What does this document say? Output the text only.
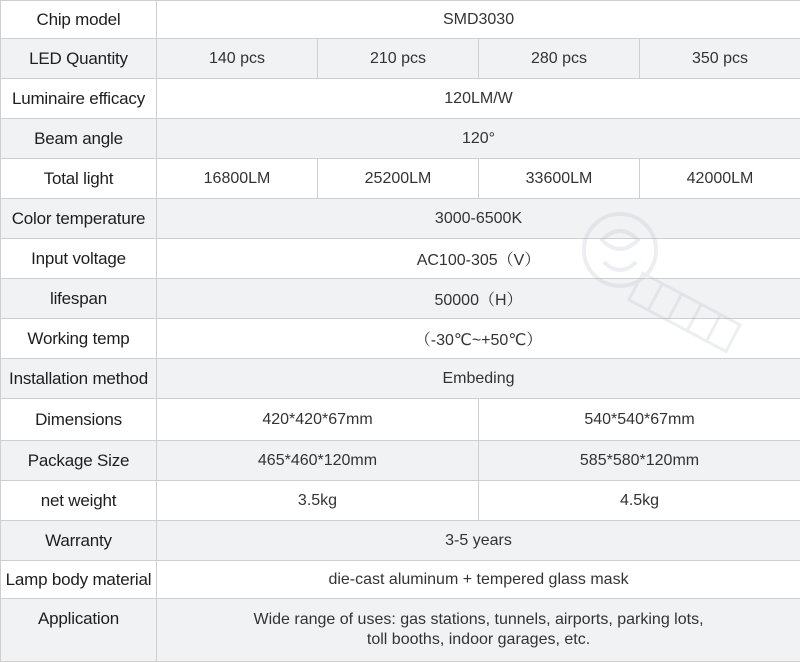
Chip model	SMD3030			
LED Quantity	140 pcs	210 pcs	280 pcs	350 pcs
Luminaire efficacy	120LM/W			
Beam angle	120°			
Total light	16800LM	25200LM	33600LM	42000LM
Color temperature	3000-6500K			
Input voltage	AC100-305（V）			
lifespan	50000（H）			
Working temp	（-30℃~+50℃）			
Installation method	Embeding			
Dimensions	420*420*67mm		540*540*67mm	
Package Size	465*460*120mm		585*580*120mm	
net weight	3.5kg		4.5kg	
Warranty	3-5 years			
Lamp body material	die-cast aluminum + tempered glass mask			
Application	Wide range of uses: gas stations, tunnels, airports, parking lots,
toll booths, indoor garages, etc.			
